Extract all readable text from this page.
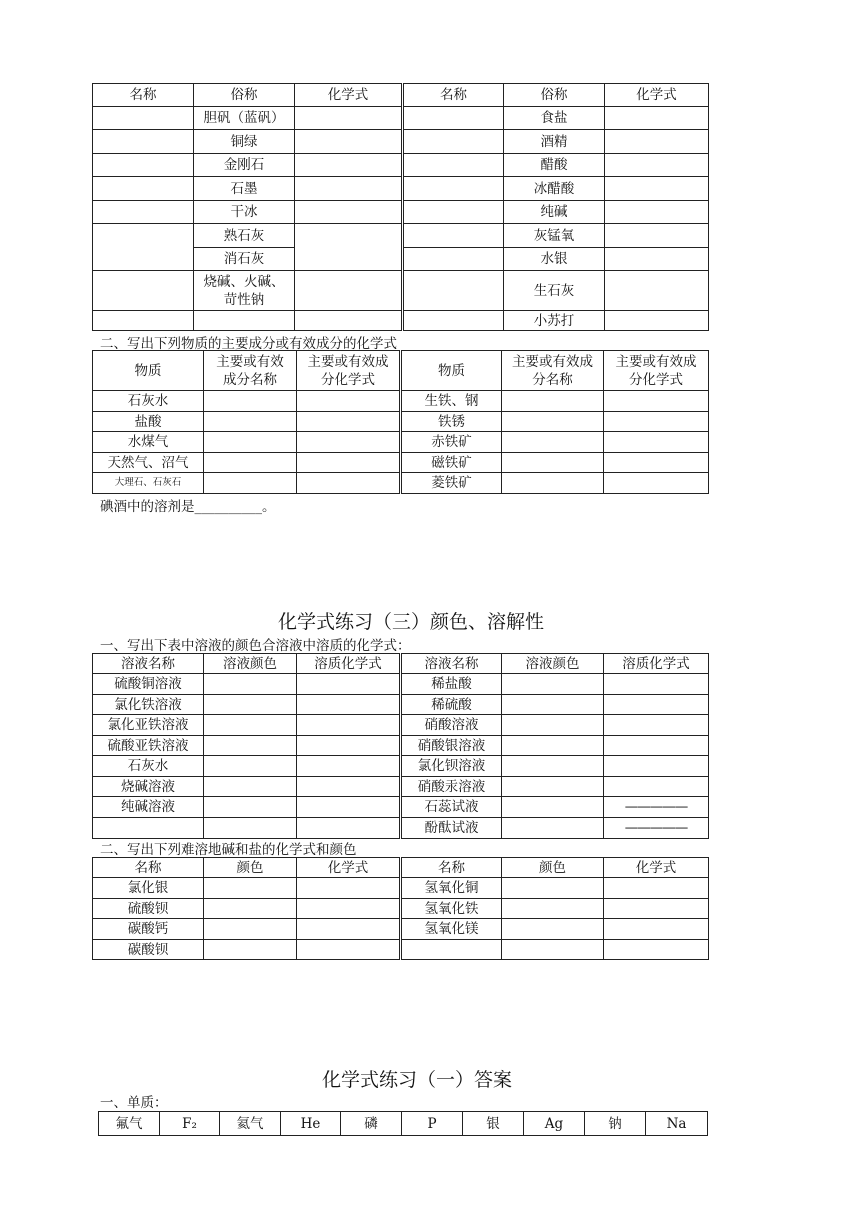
名称	俗称	化学式	名称	俗称	化学式
	胆矾（蓝矾）			食盐	
	铜绿			酒精	
	金刚石			醋酸	
	石墨			冰醋酸	
	干冰			纯碱	
	熟石灰			灰锰氧	
	消石灰			水银	
	烧碱、火碱、苛性钠			生石灰	
				小苏打	
二、写出下列物质的主要成分或有效成分的化学式
物质	主要或有效成分名称	主要或有效成分化学式	物质	主要或有效成分名称	主要或有效成分化学式
石灰水			生铁、钢		
盐酸			铁锈		
水煤气			赤铁矿		
天然气、沼气			磁铁矿		
大理石、石灰石			菱铁矿		
碘酒中的溶剂是__________。
化学式练习（三）颜色、溶解性
一、写出下表中溶液的颜色合溶液中溶质的化学式：
溶液名称	溶液颜色	溶质化学式	溶液名称	溶液颜色	溶质化学式
硫酸铜溶液			稀盐酸		
氯化铁溶液			稀硫酸		
氯化亚铁溶液			硝酸溶液		
硫酸亚铁溶液			硝酸银溶液		
石灰水			氯化钡溶液		
烧碱溶液			硝酸汞溶液		
纯碱溶液			石蕊试液		—————
			酚酞试液		—————
二、写出下列难溶地碱和盐的化学式和颜色
名称	颜色	化学式	名称	颜色	化学式
氯化银			氢氧化铜		
硫酸钡			氢氧化铁		
碳酸钙			氢氧化镁		
碳酸钡					
化学式练习（一）答案
一、单质：
氟气	F₂	氦气	He	磷	P	银	Ag	钠	Na
